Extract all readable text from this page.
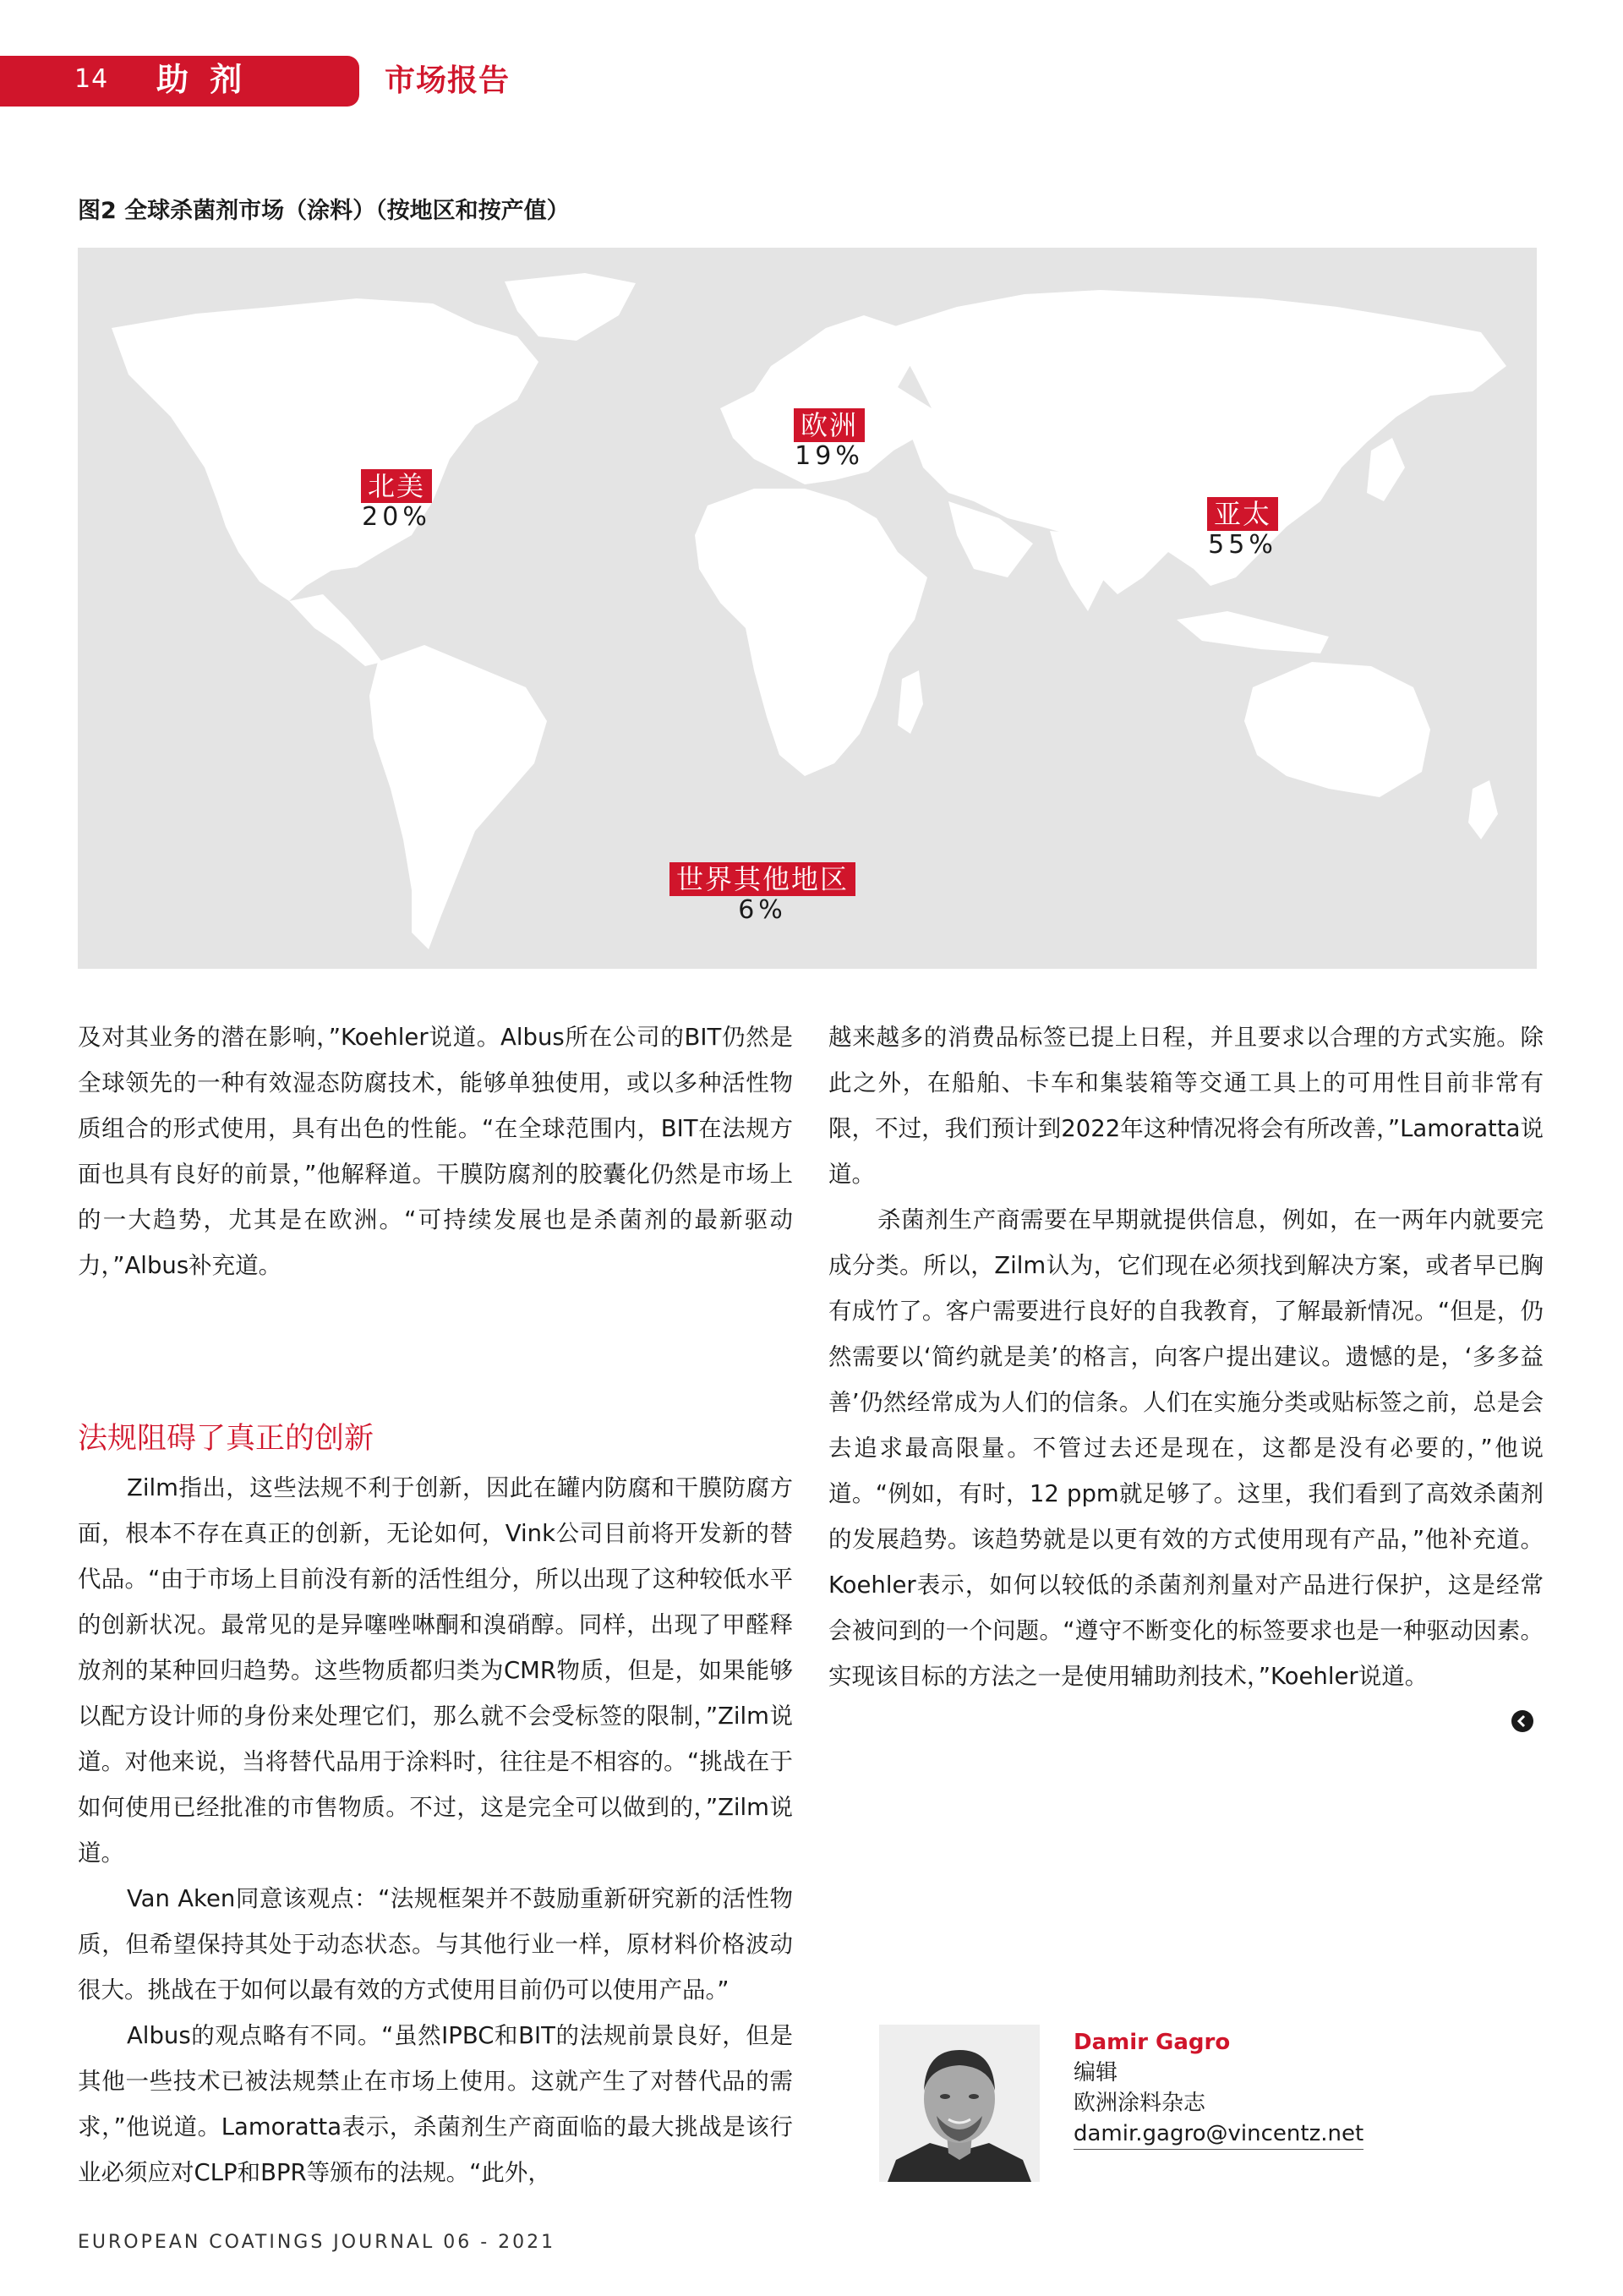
14 助 剂	市场报告
图2 全球杀菌剂市场（涂料）（按地区和按产值）
北美
20%
欧洲
19%
亚太
55%
世界其他地区
6%

及对其业务的潜在影响，”Koehler说道。Albus所在公司的BIT仍然是全球领先的一种有效湿态防腐技术，能够单独使用，或以多种活性物质组合的形式使用，具有出色的性能。“在全球范围内，BIT在法规方面也具有良好的前景，”他解释道。干膜防腐剂的胶囊化仍然是市场上的一大趋势，尤其是在欧洲。“可持续发展也是杀菌剂的最新驱动力，”Albus补充道。

法规阻碍了真正的创新

Zilm指出，这些法规不利于创新，因此在罐内防腐和干膜防腐方面，根本不存在真正的创新，无论如何，Vink公司目前将开发新的替代品。“由于市场上目前没有新的活性组分，所以出现了这种较低水平的创新状况。最常见的是异噻唑啉酮和溴硝醇。同样，出现了甲醛释放剂的某种回归趋势。这些物质都归类为CMR物质，但是，如果能够以配方设计师的身份来处理它们，那么就不会受标签的限制，”Zilm说道。对他来说，当将替代品用于涂料时，往往是不相容的。“挑战在于如何使用已经批准的市售物质。不过，这是完全可以做到的，”Zilm说道。

Van Aken同意该观点：“法规框架并不鼓励重新研究新的活性物质，但希望保持其处于动态状态。与其他行业一样，原材料价格波动很大。挑战在于如何以最有效的方式使用目前仍可以使用产品。”

Albus的观点略有不同。“虽然IPBC和BIT的法规前景良好，但是其他一些技术已被法规禁止在市场上使用。这就产生了对替代品的需求，”他说道。Lamoratta表示，杀菌剂生产商面临的最大挑战是该行业必须应对CLP和BPR等颁布的法规。“此外，

越来越多的消费品标签已提上日程，并且要求以合理的方式实施。除此之外，在船舶、卡车和集装箱等交通工具上的可用性目前非常有限，不过，我们预计到2022年这种情况将会有所改善，”Lamoratta说道。

杀菌剂生产商需要在早期就提供信息，例如，在一两年内就要完成分类。所以，Zilm认为，它们现在必须找到解决方案，或者早已胸有成竹了。客户需要进行良好的自我教育，了解最新情况。“但是，仍然需要以‘简约就是美’的格言，向客户提出建议。遗憾的是，‘多多益善’仍然经常成为人们的信条。人们在实施分类或贴标签之前，总是会去追求最高限量。不管过去还是现在，这都是没有必要的，”他说道。“例如，有时，12 ppm就足够了。这里，我们看到了高效杀菌剂的发展趋势。该趋势就是以更有效的方式使用现有产品，”他补充道。Koehler表示，如何以较低的杀菌剂剂量对产品进行保护，这是经常会被问到的一个问题。“遵守不断变化的标签要求也是一种驱动因素。实现该目标的方法之一是使用辅助剂技术，”Koehler说道。

Damir Gagro
编辑
欧洲涂料杂志
damir.gagro@vincentz.net
EUROPEAN COATINGS JOURNAL 06 - 2021
